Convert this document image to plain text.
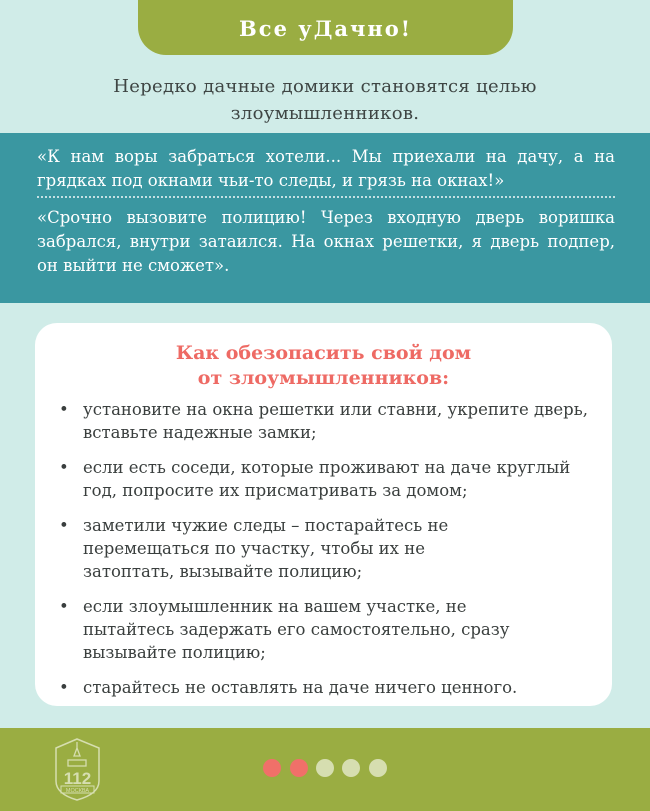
Все уДачно!
Нередко дачные домики становятся целью злоумышленников.
«К нам воры забраться хотели... Мы приехали на дачу, а на грядках под окнами чьи-то следы, и грязь на окнах!»
«Срочно вызовите полицию! Через входную дверь воришка забрался, внутри затаился. На окнах решетки, я дверь подпер, он выйти не сможет».
Как обезопасить свой дом
от злоумышленников:
• установите на окна решетки или ставни, укрепите дверь, вставьте надежные замки;
• если есть соседи, которые проживают на даче круглый год, попросите их присматривать за домом;
• заметили чужие следы – постарайтесь не перемещаться по участку, чтобы их не затоптать, вызывайте полицию;
• если злоумышленник на вашем участке, не пытайтесь задержать его самостоятельно, сразу вызывайте полицию;
• старайтесь не оставлять на даче ничего ценного.
112
МОСКВА
